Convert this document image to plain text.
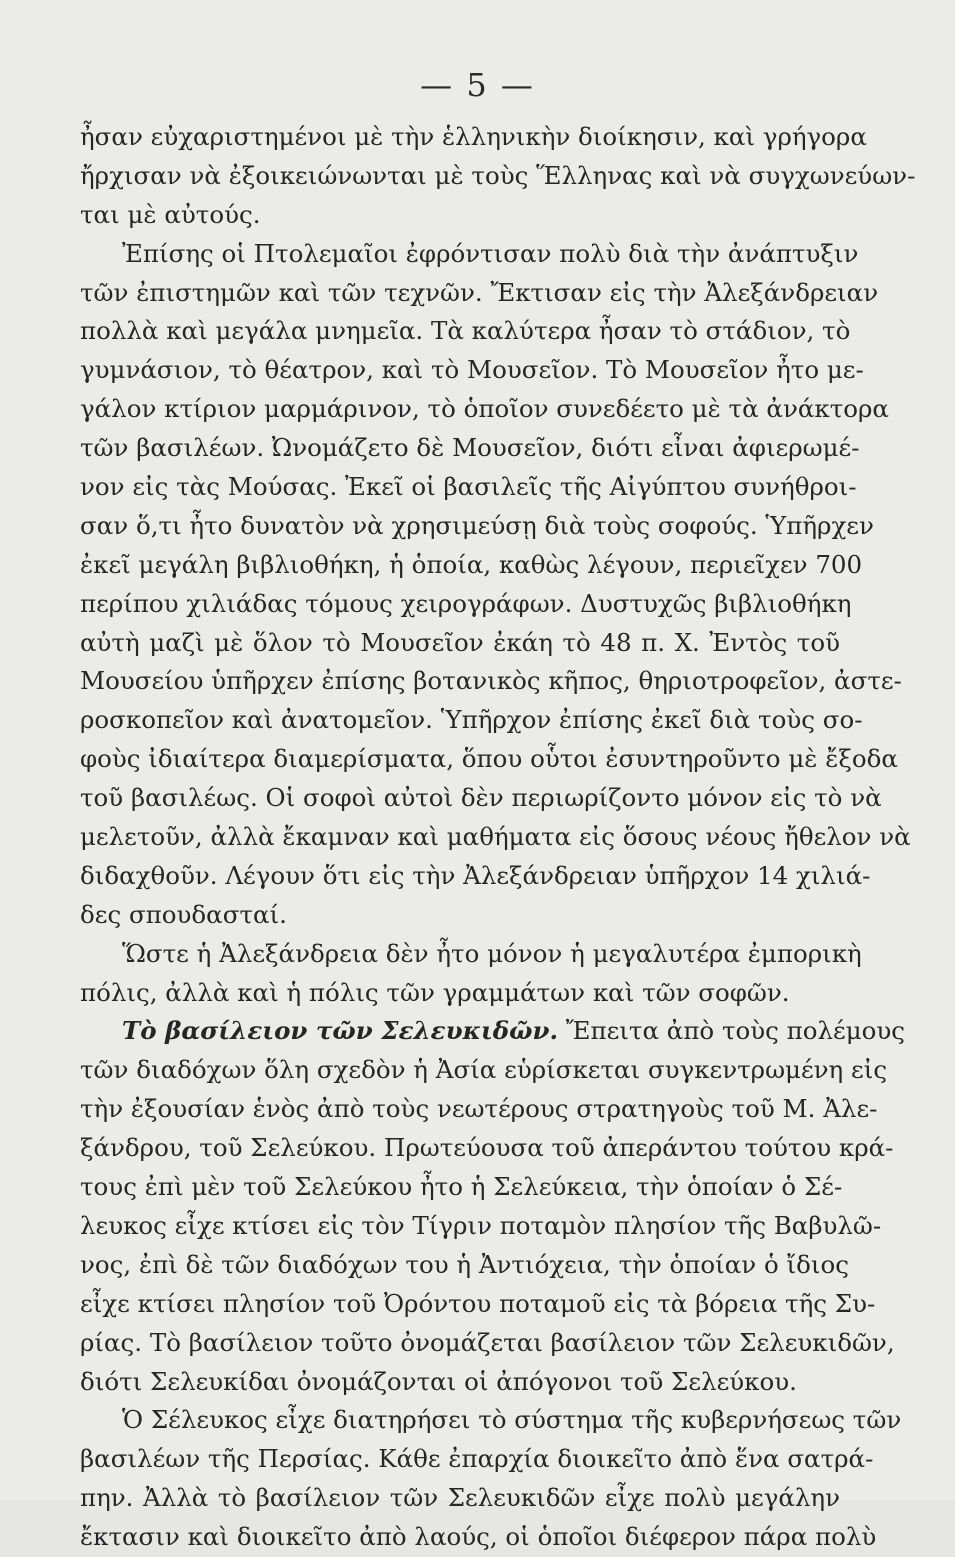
— 5 —
ἦσαν εὐχαριστημένοι μὲ τὴν ἑλληνικὴν διοίκησιν, καὶ γρήγορα
ἤρχισαν νὰ ἐξοικειώνωνται μὲ τοὺς Ἕλληνας καὶ νὰ συγχωνεύων-
ται μὲ αὐτούς.
Ἐπίσης οἱ Πτολεμαῖοι ἐφρόντισαν πολὺ διὰ τὴν ἀνάπτυξιν
τῶν ἐπιστημῶν καὶ τῶν τεχνῶν. Ἔκτισαν εἰς τὴν Ἀλεξάνδρειαν
πολλὰ καὶ μεγάλα μνημεῖα. Τὰ καλύτερα ἦσαν τὸ στάδιον, τὸ
γυμνάσιον, τὸ θέατρον, καὶ τὸ Μουσεῖον. Τὸ Μουσεῖον ἦτο με-
γάλον κτίριον μαρμάρινον, τὸ ὁποῖον συνεδέετο μὲ τὰ ἀνάκτορα
τῶν βασιλέων. Ὠνομάζετο δὲ Μουσεῖον, διότι εἶναι ἀφιερωμέ-
νον εἰς τὰς Μούσας. Ἐκεῖ οἱ βασιλεῖς τῆς Αἰγύπτου συνήθροι-
σαν ὅ,τι ἦτο δυνατὸν νὰ χρησιμεύσῃ διὰ τοὺς σοφούς. Ὑπῆρχεν
ἐκεῖ μεγάλη βιβλιοθήκη, ἡ ὁποία, καθὼς λέγουν, περιεῖχεν 700
περίπου χιλιάδας τόμους χειρογράφων. Δυστυχῶς βιβλιοθήκη
αὐτὴ μαζὶ μὲ ὅλον τὸ Μουσεῖον ἐκάη τὸ 48 π. Χ. Ἐντὸς τοῦ
Μουσείου ὑπῆρχεν ἐπίσης βοτανικὸς κῆπος, θηριοτροφεῖον, ἀστε-
ροσκοπεῖον καὶ ἀνατομεῖον. Ὑπῆρχον ἐπίσης ἐκεῖ διὰ τοὺς σο-
φοὺς ἰδιαίτερα διαμερίσματα, ὅπου οὗτοι ἐσυντηροῦντο μὲ ἔξοδα
τοῦ βασιλέως. Οἱ σοφοὶ αὐτοὶ δὲν περιωρίζοντο μόνον εἰς τὸ νὰ
μελετοῦν, ἀλλὰ ἔκαμναν καὶ μαθήματα εἰς ὅσους νέους ἤθελον νὰ
διδαχθοῦν. Λέγουν ὅτι εἰς τὴν Ἀλεξάνδρειαν ὑπῆρχον 14 χιλιά-
δες σπουδασταί.
Ὥστε ἡ Ἀλεξάνδρεια δὲν ἦτο μόνον ἡ μεγαλυτέρα ἐμπορικὴ
πόλις, ἀλλὰ καὶ ἡ πόλις τῶν γραμμάτων καὶ τῶν σοφῶν.
Τὸ βασίλειον τῶν Σελευκιδῶν. Ἔπειτα ἀπὸ τοὺς πολέμους
τῶν διαδόχων ὅλη σχεδὸν ἡ Ἀσία εὑρίσκεται συγκεντρωμένη εἰς
τὴν ἐξουσίαν ἑνὸς ἀπὸ τοὺς νεωτέρους στρατηγοὺς τοῦ Μ. Ἀλε-
ξάνδρου, τοῦ Σελεύκου. Πρωτεύουσα τοῦ ἀπεράντου τούτου κρά-
τους ἐπὶ μὲν τοῦ Σελεύκου ἦτο ἡ Σελεύκεια, τὴν ὁποίαν ὁ Σέ-
λευκος εἶχε κτίσει εἰς τὸν Τίγριν ποταμὸν πλησίον τῆς Βαβυλῶ-
νος, ἐπὶ δὲ τῶν διαδόχων του ἡ Ἀντιόχεια, τὴν ὁποίαν ὁ ἴδιος
εἶχε κτίσει πλησίον τοῦ Ὀρόντου ποταμοῦ εἰς τὰ βόρεια τῆς Συ-
ρίας. Τὸ βασίλειον τοῦτο ὀνομάζεται βασίλειον τῶν Σελευκιδῶν,
διότι Σελευκίδαι ὀνομάζονται οἱ ἀπόγονοι τοῦ Σελεύκου.
Ὁ Σέλευκος εἶχε διατηρήσει τὸ σύστημα τῆς κυβερνήσεως τῶν
βασιλέων τῆς Περσίας. Κάθε ἐπαρχία διοικεῖτο ἀπὸ ἕνα σατρά-
πην. Ἀλλὰ τὸ βασίλειον τῶν Σελευκιδῶν εἶχε πολὺ μεγάλην
ἔκτασιν καὶ διοικεῖτο ἀπὸ λαούς, οἱ ὁποῖοι διέφερον πάρα πολὺ
